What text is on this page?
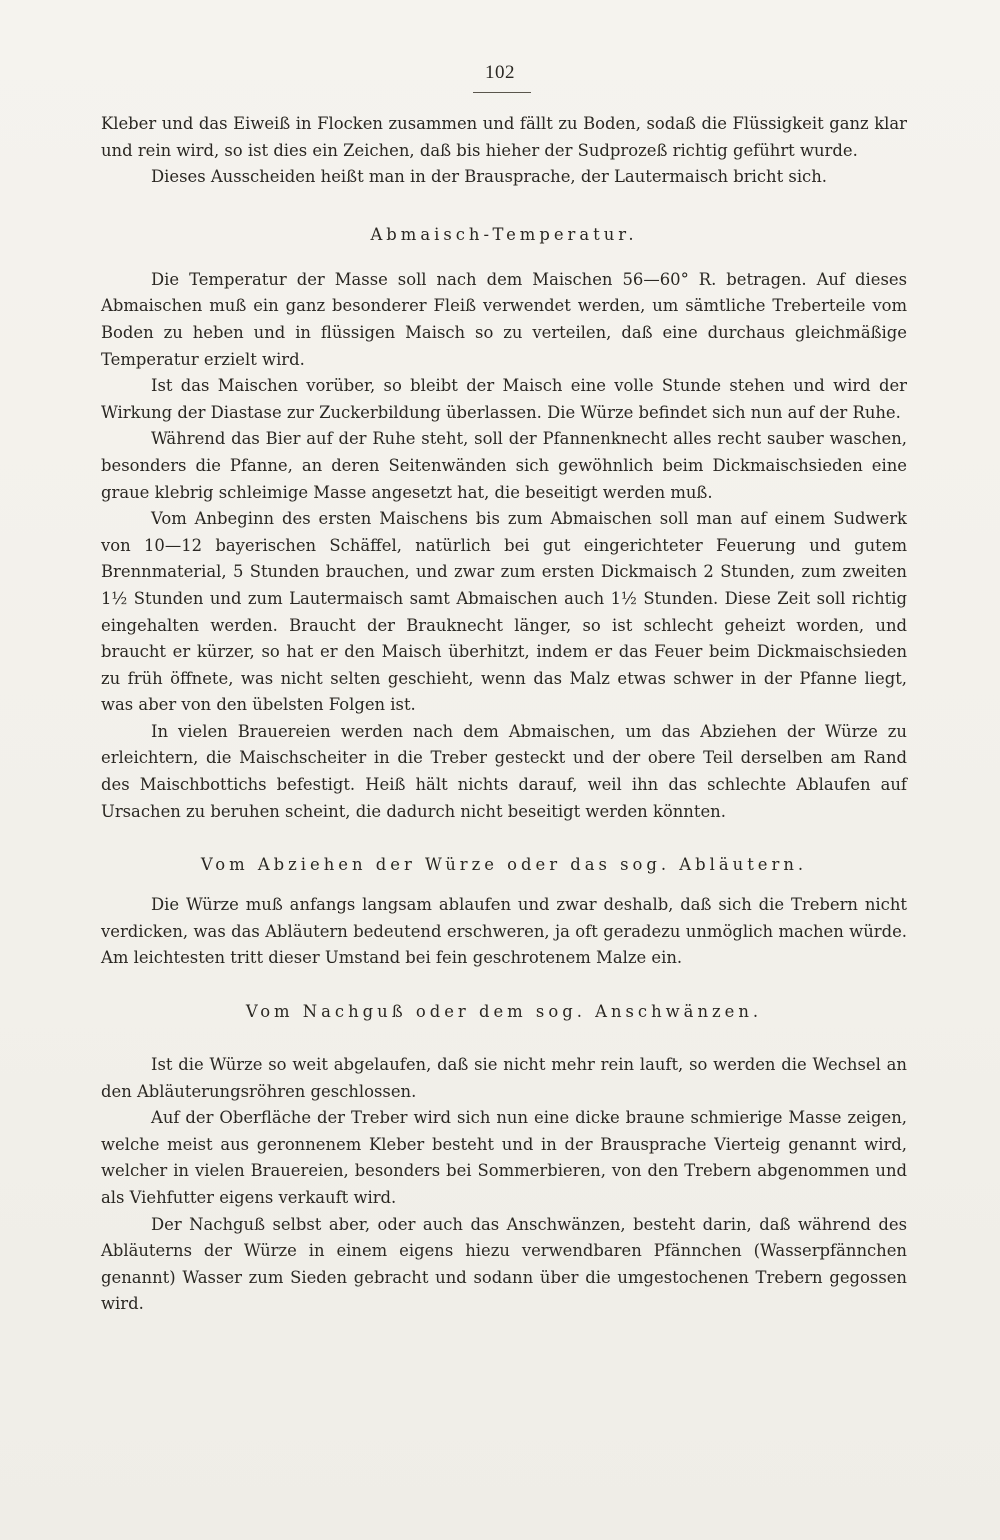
102

Kleber und das Eiweiß in Flocken zusammen und fällt zu Boden, sodaß die Flüssigkeit ganz klar und rein wird, so ist dies ein Zeichen, daß bis hieher der Sudprozeß richtig geführt wurde.

Dieses Ausscheiden heißt man in der Brausprache, der Lautermaisch bricht sich.

Abmaisch-Temperatur.

Die Temperatur der Masse soll nach dem Maischen 56—60° R. betragen. Auf dieses Abmaischen muß ein ganz besonderer Fleiß verwendet werden, um sämtliche Treberteile vom Boden zu heben und in flüssigen Maisch so zu verteilen, daß eine durchaus gleichmäßige Temperatur erzielt wird.

Ist das Maischen vorüber, so bleibt der Maisch eine volle Stunde stehen und wird der Wirkung der Diastase zur Zuckerbildung überlassen. Die Würze befindet sich nun auf der Ruhe.

Während das Bier auf der Ruhe steht, soll der Pfannenknecht alles recht sauber waschen, besonders die Pfanne, an deren Seitenwänden sich gewöhnlich beim Dickmaischsieden eine graue klebrig schleimige Masse angesetzt hat, die beseitigt werden muß.

Vom Anbeginn des ersten Maischens bis zum Abmaischen soll man auf einem Sudwerk von 10—12 bayerischen Schäffel, natürlich bei gut eingerichteter Feuerung und gutem Brennmaterial, 5 Stunden brauchen, und zwar zum ersten Dickmaisch 2 Stunden, zum zweiten 1½ Stunden und zum Lautermaisch samt Abmaischen auch 1½ Stunden. Diese Zeit soll richtig eingehalten werden. Braucht der Brauknecht länger, so ist schlecht geheizt worden, und braucht er kürzer, so hat er den Maisch überhitzt, indem er das Feuer beim Dickmaischsieden zu früh öffnete, was nicht selten geschieht, wenn das Malz etwas schwer in der Pfanne liegt, was aber von den übelsten Folgen ist.

In vielen Brauereien werden nach dem Abmaischen, um das Abziehen der Würze zu erleichtern, die Maischscheiter in die Treber gesteckt und der obere Teil derselben am Rand des Maischbottichs befestigt. Heiß hält nichts darauf, weil ihn das schlechte Ablaufen auf Ursachen zu beruhen scheint, die dadurch nicht beseitigt werden könnten.

Vom Abziehen der Würze oder das sog. Abläutern.

Die Würze muß anfangs langsam ablaufen und zwar deshalb, daß sich die Trebern nicht verdicken, was das Abläutern bedeutend erschweren, ja oft geradezu unmöglich machen würde. Am leichtesten tritt dieser Umstand bei fein geschrotenem Malze ein.

Vom Nachguß oder dem sog. Anschwänzen.

Ist die Würze so weit abgelaufen, daß sie nicht mehr rein lauft, so werden die Wechsel an den Abläuterungsröhren geschlossen.

Auf der Oberfläche der Treber wird sich nun eine dicke braune schmierige Masse zeigen, welche meist aus geronnenem Kleber besteht und in der Brausprache Vierteig genannt wird, welcher in vielen Brauereien, besonders bei Sommerbieren, von den Trebern abgenommen und als Viehfutter eigens verkauft wird.

Der Nachguß selbst aber, oder auch das Anschwänzen, besteht darin, daß während des Abläuterns der Würze in einem eigens hiezu verwendbaren Pfännchen (Wasserpfännchen genannt) Wasser zum Sieden gebracht und sodann über die umgestochenen Trebern gegossen wird.
